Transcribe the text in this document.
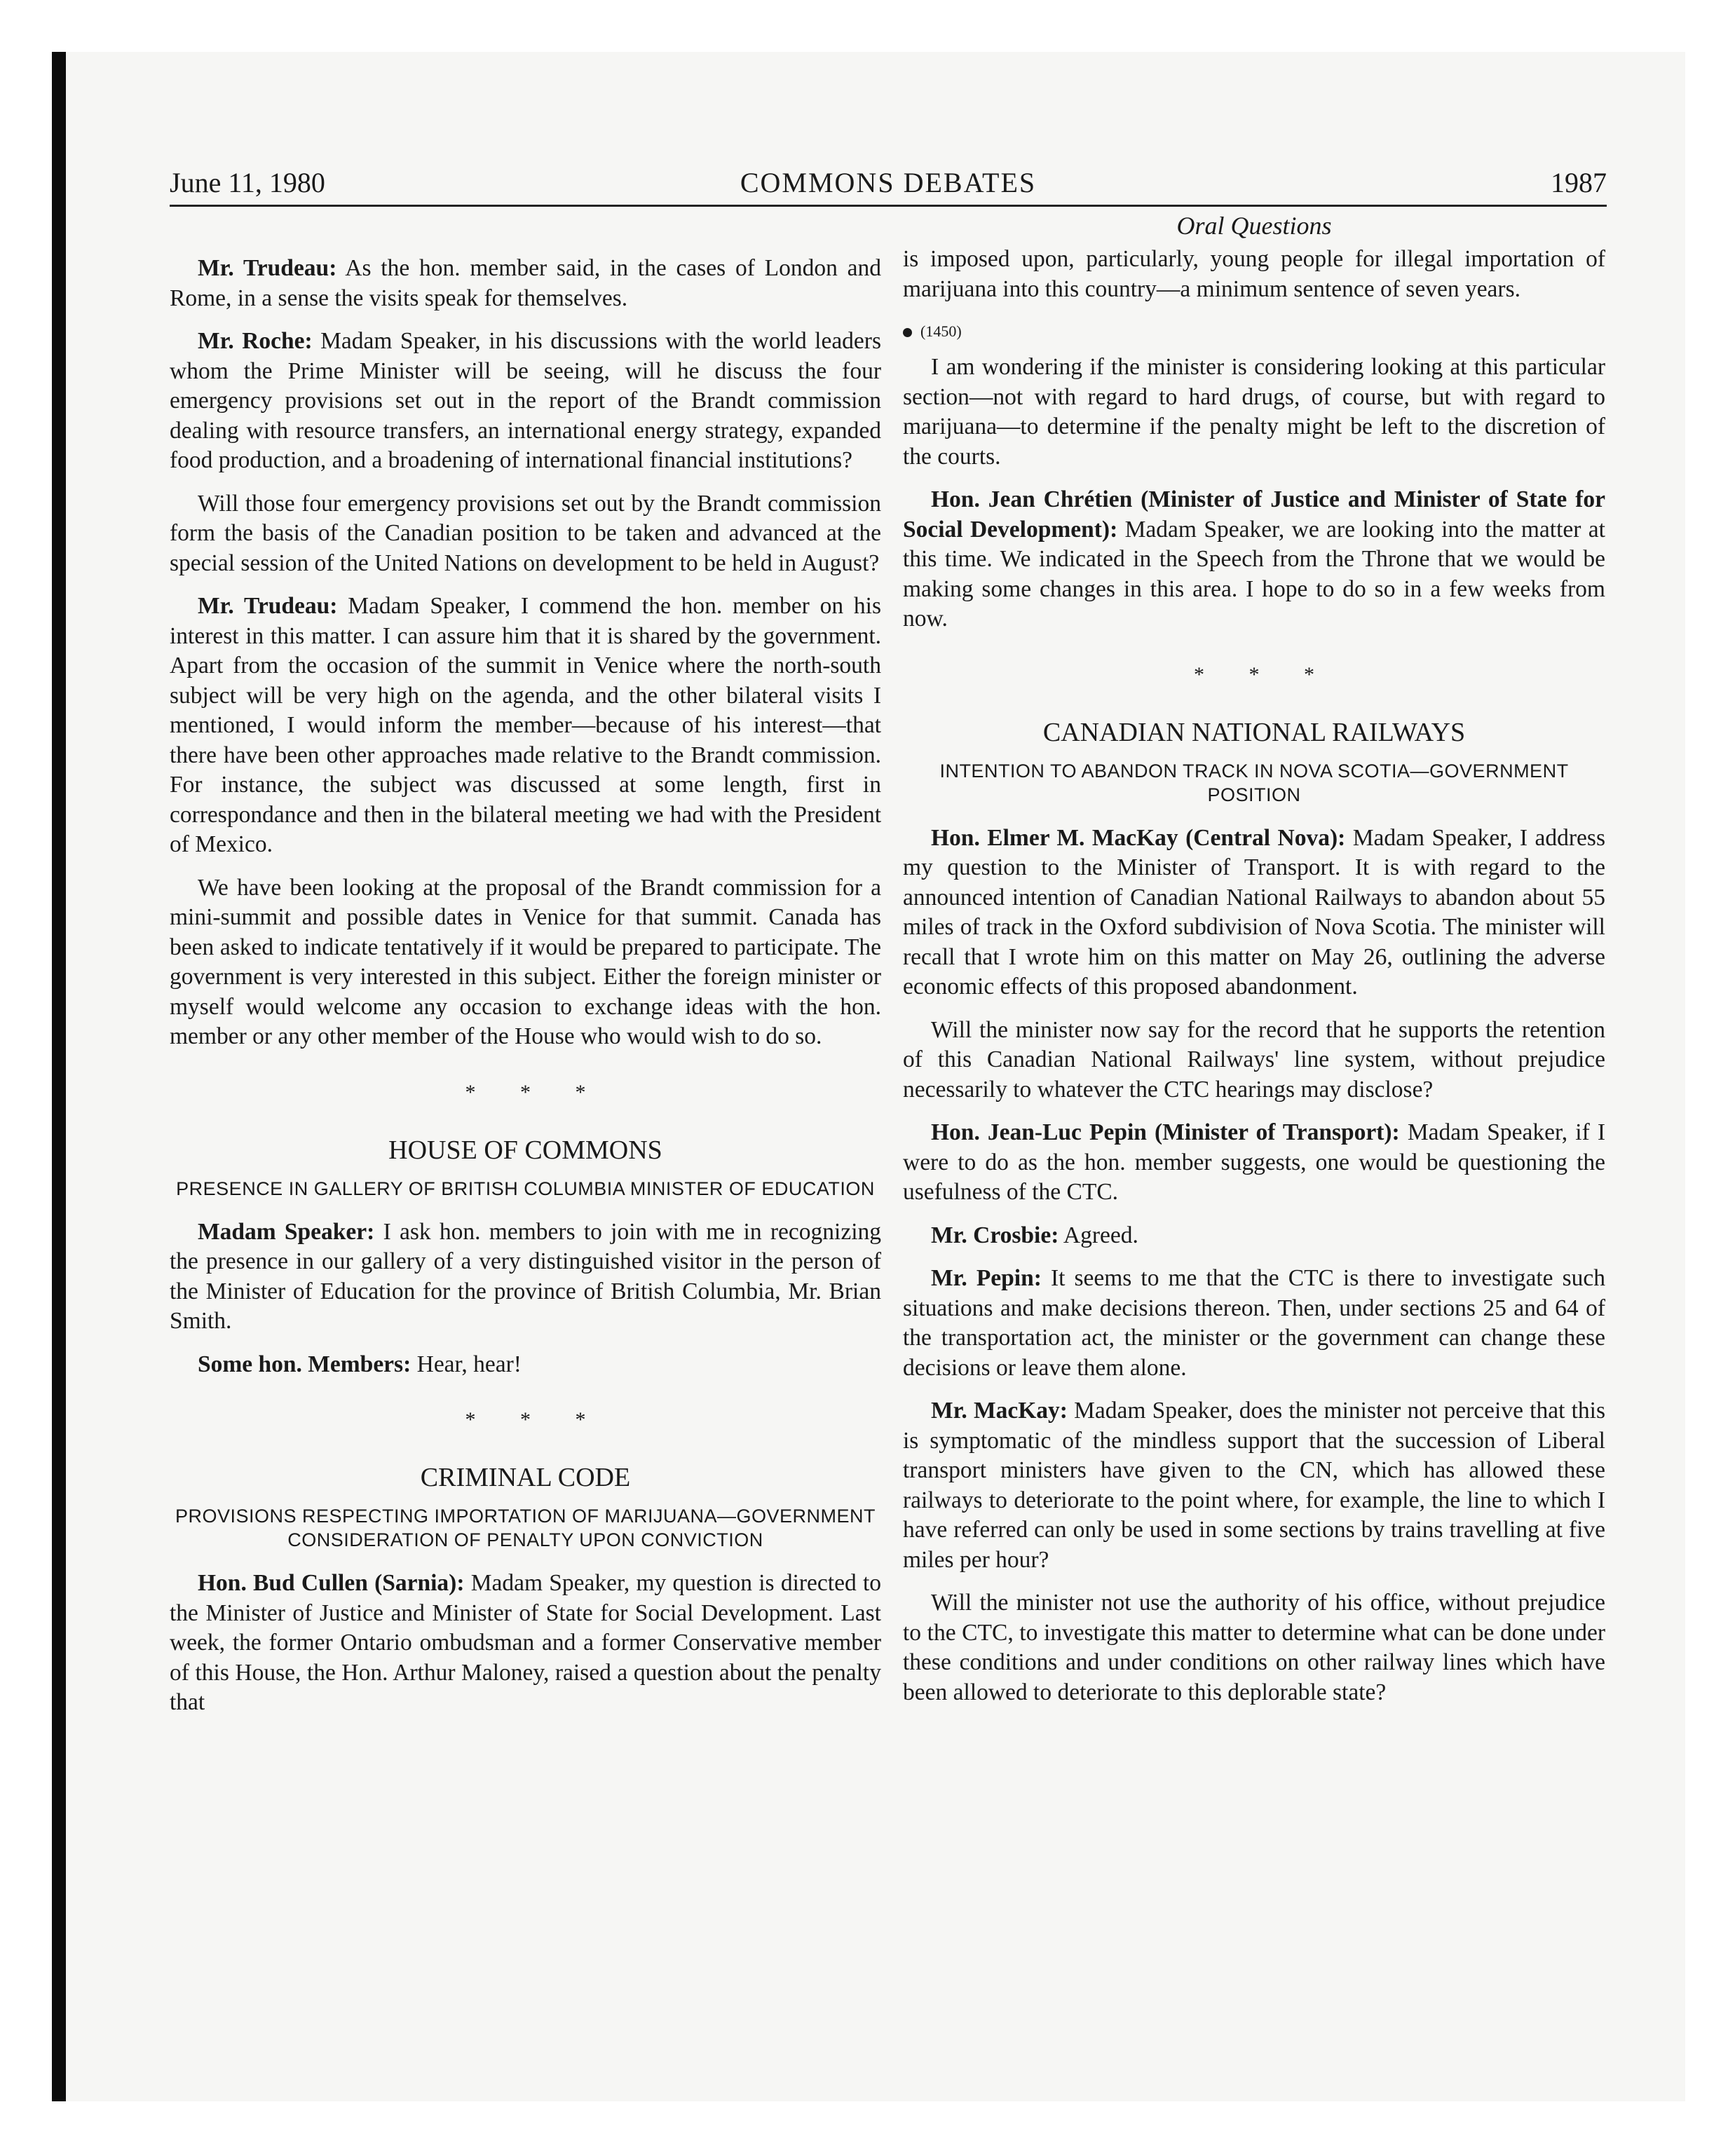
June 11, 1980	COMMONS DEBATES	1987

Mr. Trudeau: As the hon. member said, in the cases of London and Rome, in a sense the visits speak for themselves.

Mr. Roche: Madam Speaker, in his discussions with the world leaders whom the Prime Minister will be seeing, will he discuss the four emergency provisions set out in the report of the Brandt commission dealing with resource transfers, an international energy strategy, expanded food production, and a broadening of international financial institutions?

Will those four emergency provisions set out by the Brandt commission form the basis of the Canadian position to be taken and advanced at the special session of the United Nations on development to be held in August?

Mr. Trudeau: Madam Speaker, I commend the hon. member on his interest in this matter. I can assure him that it is shared by the government. Apart from the occasion of the summit in Venice where the north-south subject will be very high on the agenda, and the other bilateral visits I mentioned, I would inform the member—because of his interest—that there have been other approaches made relative to the Brandt commission. For instance, the subject was discussed at some length, first in correspondance and then in the bilateral meeting we had with the President of Mexico.

We have been looking at the proposal of the Brandt commission for a mini-summit and possible dates in Venice for that summit. Canada has been asked to indicate tentatively if it would be prepared to participate. The government is very interested in this subject. Either the foreign minister or myself would welcome any occasion to exchange ideas with the hon. member or any other member of the House who would wish to do so.

* * *
HOUSE OF COMMONS
PRESENCE IN GALLERY OF BRITISH COLUMBIA MINISTER OF EDUCATION

Madam Speaker: I ask hon. members to join with me in recognizing the presence in our gallery of a very distinguished visitor in the person of the Minister of Education for the province of British Columbia, Mr. Brian Smith.

Some hon. Members: Hear, hear!

* * *
CRIMINAL CODE
PROVISIONS RESPECTING IMPORTATION OF MARIJUANA—GOVERNMENT CONSIDERATION OF PENALTY UPON CONVICTION

Hon. Bud Cullen (Sarnia): Madam Speaker, my question is directed to the Minister of Justice and Minister of State for Social Development. Last week, the former Ontario ombudsman and a former Conservative member of this House, the Hon. Arthur Maloney, raised a question about the penalty that

Oral Questions

is imposed upon, particularly, young people for illegal importation of marijuana into this country—a minimum sentence of seven years.

(1450)

I am wondering if the minister is considering looking at this particular section—not with regard to hard drugs, of course, but with regard to marijuana—to determine if the penalty might be left to the discretion of the courts.

Hon. Jean Chrétien (Minister of Justice and Minister of State for Social Development): Madam Speaker, we are looking into the matter at this time. We indicated in the Speech from the Throne that we would be making some changes in this area. I hope to do so in a few weeks from now.

* * *
CANADIAN NATIONAL RAILWAYS
INTENTION TO ABANDON TRACK IN NOVA SCOTIA—GOVERNMENT POSITION

Hon. Elmer M. MacKay (Central Nova): Madam Speaker, I address my question to the Minister of Transport. It is with regard to the announced intention of Canadian National Railways to abandon about 55 miles of track in the Oxford subdivision of Nova Scotia. The minister will recall that I wrote him on this matter on May 26, outlining the adverse economic effects of this proposed abandonment.

Will the minister now say for the record that he supports the retention of this Canadian National Railways' line system, without prejudice necessarily to whatever the CTC hearings may disclose?

Hon. Jean-Luc Pepin (Minister of Transport): Madam Speaker, if I were to do as the hon. member suggests, one would be questioning the usefulness of the CTC.

Mr. Crosbie: Agreed.

Mr. Pepin: It seems to me that the CTC is there to investigate such situations and make decisions thereon. Then, under sections 25 and 64 of the transportation act, the minister or the government can change these decisions or leave them alone.

Mr. MacKay: Madam Speaker, does the minister not perceive that this is symptomatic of the mindless support that the succession of Liberal transport ministers have given to the CN, which has allowed these railways to deteriorate to the point where, for example, the line to which I have referred can only be used in some sections by trains travelling at five miles per hour?

Will the minister not use the authority of his office, without prejudice to the CTC, to investigate this matter to determine what can be done under these conditions and under conditions on other railway lines which have been allowed to deteriorate to this deplorable state?
